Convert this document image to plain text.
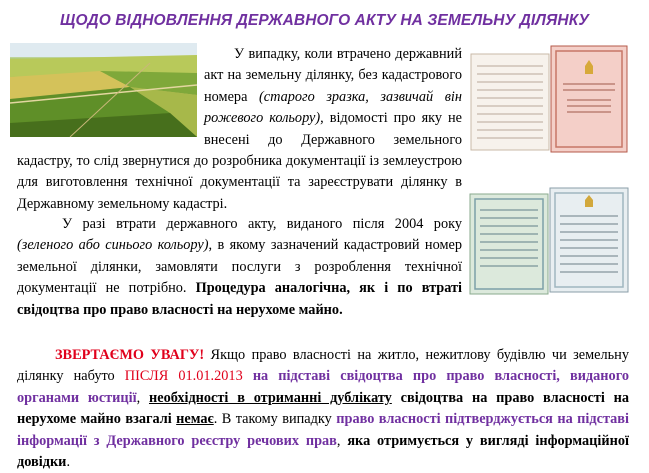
ЩОДО ВІДНОВЛЕННЯ ДЕРЖАВНОГО АКТУ НА ЗЕМЕЛЬНУ ДІЛЯНКУ

У випадку, коли втрачено державний акт на земельну ділянку, без кадастрового номера (старого зразка, зазвичай він рожевого кольору), відомості про яку не внесені до Державного земельного кадастру, то слід звернутися до розробника документації із землеустрою для виготовлення технічної документації та зареєструвати ділянку в Державному земельному кадастрі.
У разі втрати державного акту, виданого після 2004 року (зеленого або синього кольору), в якому зазначений кадастровий номер земельної ділянки, замовляти послуги з розроблення технічної документації не потрібно. Процедура аналогічна, як і по втраті свідоцтва про право власності на нерухоме майно.
ЗВЕРТАЄМО УВАГУ! Якщо право власності на житло, нежитлову будівлю чи земельну ділянку набуто ПІСЛЯ 01.01.2013 на підставі свідоцтва про право власності, виданого органами юстиції, необхідності в отриманні дублікату свідоцтва на право власності на нерухоме майно взагалі немає. В такому випадку право власності підтверджується на підставі інформації з Державного реєстру речових прав, яка отримується у вигляді інформаційної довідки.
